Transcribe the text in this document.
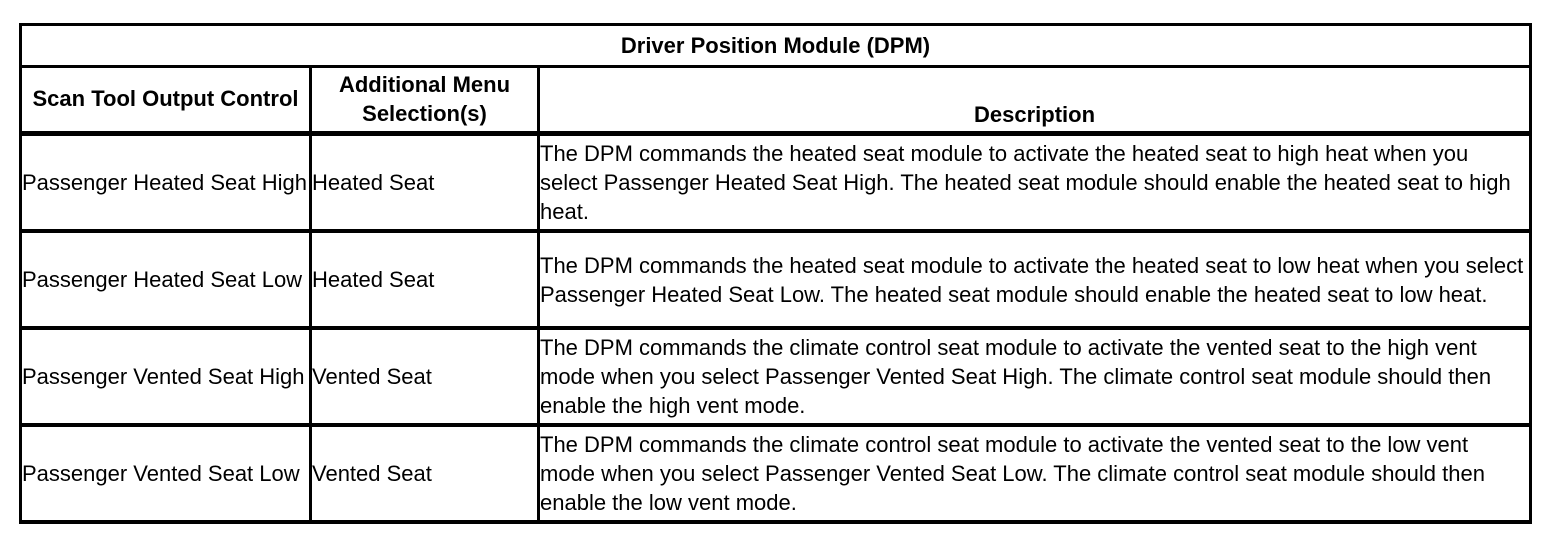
Driver Position Module (DPM)		
Scan Tool Output Control	Additional Menu Selection(s)	Description
Passenger Heated Seat High	Heated Seat	The DPM commands the heated seat module to activate the heated seat to high heat when you select Passenger Heated Seat High. The heated seat module should enable the heated seat to high heat.
Passenger Heated Seat Low	Heated Seat	The DPM commands the heated seat module to activate the heated seat to low heat when you select Passenger Heated Seat Low. The heated seat module should enable the heated seat to low heat.
Passenger Vented Seat High	Vented Seat	The DPM commands the climate control seat module to activate the vented seat to the high vent mode when you select Passenger Vented Seat High. The climate control seat module should then enable the high vent mode.
Passenger Vented Seat Low	Vented Seat	The DPM commands the climate control seat module to activate the vented seat to the low vent mode when you select Passenger Vented Seat Low. The climate control seat module should then enable the low vent mode.
